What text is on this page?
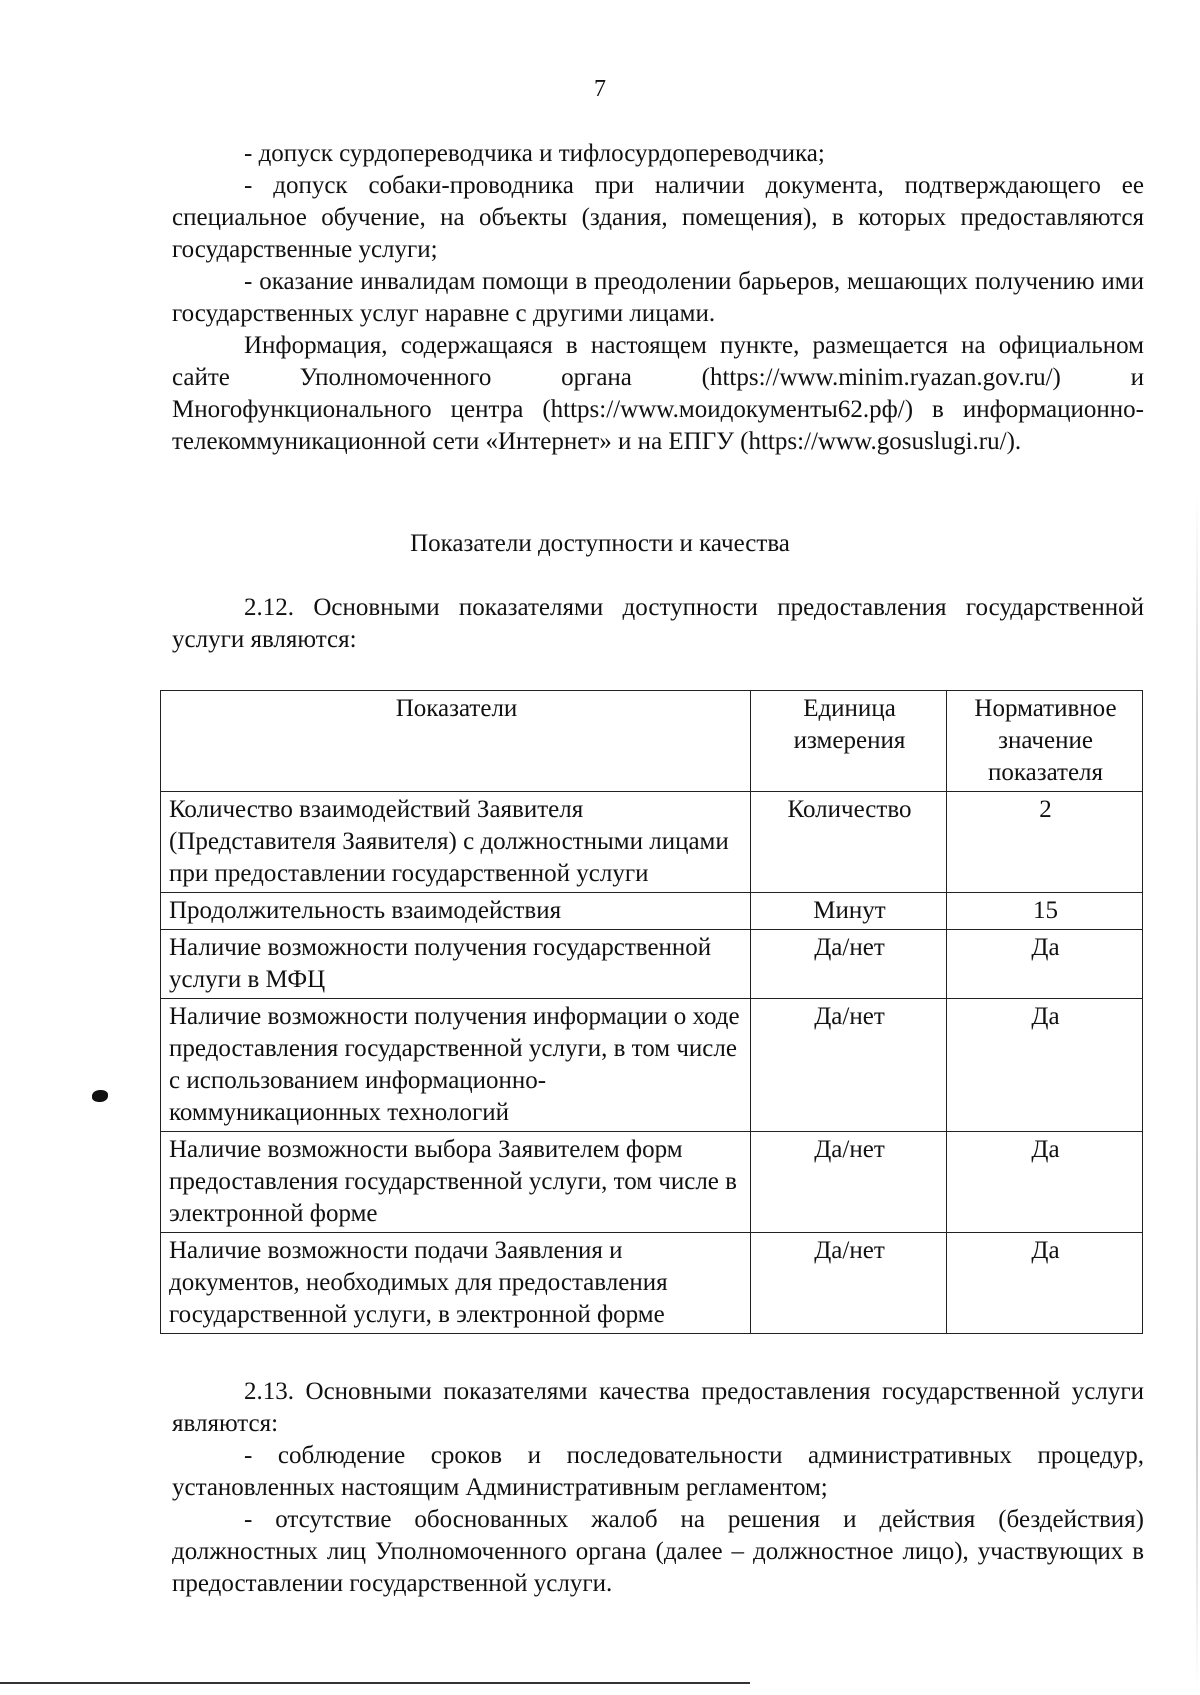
7

- допуск сурдопереводчика и тифлосурдопереводчика;

- допуск собаки-проводника при наличии документа, подтверждающего ее специальное обучение, на объекты (здания, помещения), в которых предоставляются государственные услуги;

- оказание инвалидам помощи в преодолении барьеров, мешающих получению ими государственных услуг наравне с другими лицами.

Информация, содержащаяся в настоящем пункте, размещается на официальном сайте Уполномоченного органа (https://www.minim.ryazan.gov.ru/) и Многофункционального центра (https://www.моидокументы62.рф/) в информационно-телекоммуникационной сети «Интернет» и на ЕПГУ (https://www.gosuslugi.ru/).

Показатели доступности и качества

2.12. Основными показателями доступности предоставления государственной услуги являются:

Показатели	Единица измерения	Нормативное значение показателя
Количество взаимодействий Заявителя (Представителя Заявителя) с должностными лицами при предоставлении государственной услуги	Количество	2
Продолжительность взаимодействия	Минут	15
Наличие возможности получения государственной услуги в МФЦ	Да/нет	Да
Наличие возможности получения информации о ходе предоставления государственной услуги, в том числе с использованием информационно-коммуникационных технологий	Да/нет	Да
Наличие возможности выбора Заявителем форм предоставления государственной услуги, том числе в электронной форме	Да/нет	Да
Наличие возможности подачи Заявления и документов, необходимых для предоставления государственной услуги, в электронной форме	Да/нет	Да

2.13. Основными показателями качества предоставления государственной услуги являются:

- соблюдение сроков и последовательности административных процедур, установленных настоящим Административным регламентом;

- отсутствие обоснованных жалоб на решения и действия (бездействия) должностных лиц Уполномоченного органа (далее – должностное лицо), участвующих в предоставлении государственной услуги.
